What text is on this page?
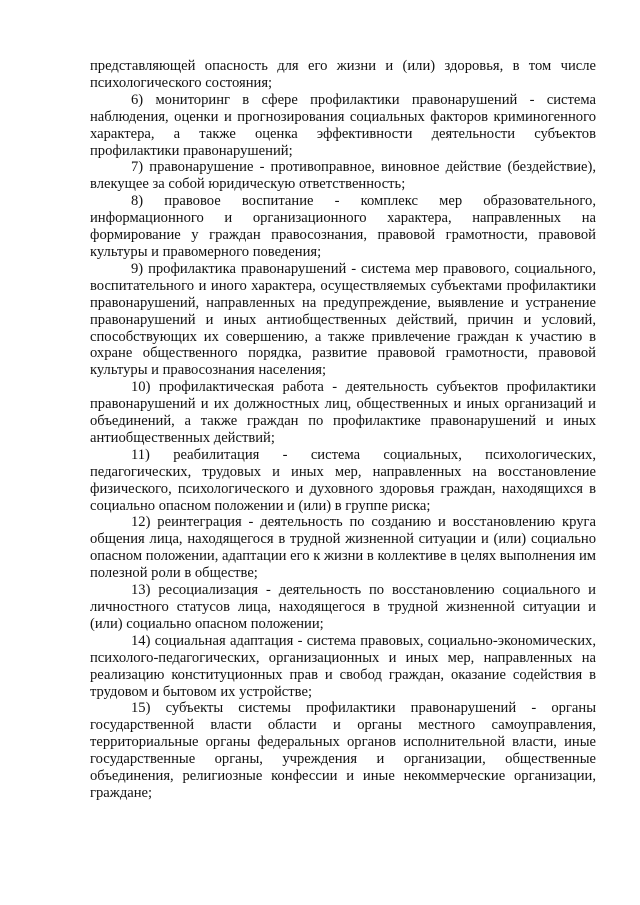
представляющей опасность для его жизни и (или) здоровья, в том числе психологического состояния;

6) мониторинг в сфере профилактики правонарушений - система наблюдения, оценки и прогнозирования социальных факторов криминогенного характера, а также оценка эффективности деятельности субъектов профилактики правонарушений;

7) правонарушение - противоправное, виновное действие (бездействие), влекущее за собой юридическую ответственность;

8) правовое воспитание - комплекс мер образовательного, информационного и организационного характера, направленных на формирование у граждан правосознания, правовой грамотности, правовой культуры и правомерного поведения;

9) профилактика правонарушений - система мер правового, социального, воспитательного и иного характера, осуществляемых субъектами профилактики правонарушений, направленных на предупреждение, выявление и устранение правонарушений и иных антиобщественных действий, причин и условий, способствующих их совершению, а также привлечение граждан к участию в охране общественного порядка, развитие правовой грамотности, правовой культуры и правосознания населения;

10) профилактическая работа - деятельность субъектов профилактики правонарушений и их должностных лиц, общественных и иных организаций и объединений, а также граждан по профилактике правонарушений и иных антиобщественных действий;

11) реабилитация - система социальных, психологических, педагогических, трудовых и иных мер, направленных на восстановление физического, психологического и духовного здоровья граждан, находящихся в социально опасном положении и (или) в группе риска;

12) реинтеграция - деятельность по созданию и восстановлению круга общения лица, находящегося в трудной жизненной ситуации и (или) социально опасном положении, адаптации его к жизни в коллективе в целях выполнения им полезной роли в обществе;

13) ресоциализация - деятельность по восстановлению социального и личностного статусов лица, находящегося в трудной жизненной ситуации и (или) социально опасном положении;

14) социальная адаптация - система правовых, социально-экономических, психолого-педагогических, организационных и иных мер, направленных на реализацию конституционных прав и свобод граждан, оказание содействия в трудовом и бытовом их устройстве;

15) субъекты системы профилактики правонарушений - органы государственной власти области и органы местного самоуправления, территориальные органы федеральных органов исполнительной власти, иные государственные органы, учреждения и организации, общественные объединения, религиозные конфессии и иные некоммерческие организации, граждане;
